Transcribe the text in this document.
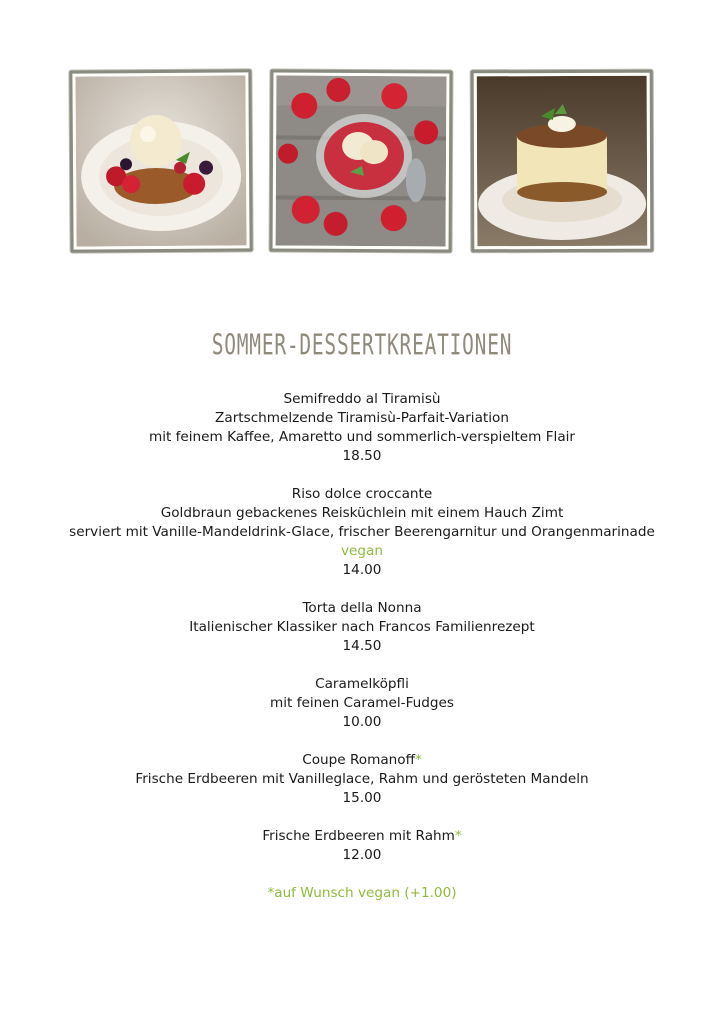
SOMMER-DESSERTKREATIONEN
Semifreddo al Tiramisù
Zartschmelzende Tiramisù-Parfait-Variation
mit feinem Kaffee, Amaretto und sommerlich-verspieltem Flair
18.50
Riso dolce croccante
Goldbraun gebackenes Reisküchlein mit einem Hauch Zimt
serviert mit Vanille-Mandeldrink-Glace, frischer Beerengarnitur und Orangenmarinade
vegan
14.00
Torta della Nonna
Italienischer Klassiker nach Francos Familienrezept
14.50
Caramelköpfli
mit feinen Caramel-Fudges
10.00
Coupe Romanoff*
Frische Erdbeeren mit Vanilleglace, Rahm und gerösteten Mandeln
15.00
Frische Erdbeeren mit Rahm*
12.00
*auf Wunsch vegan (+1.00)
